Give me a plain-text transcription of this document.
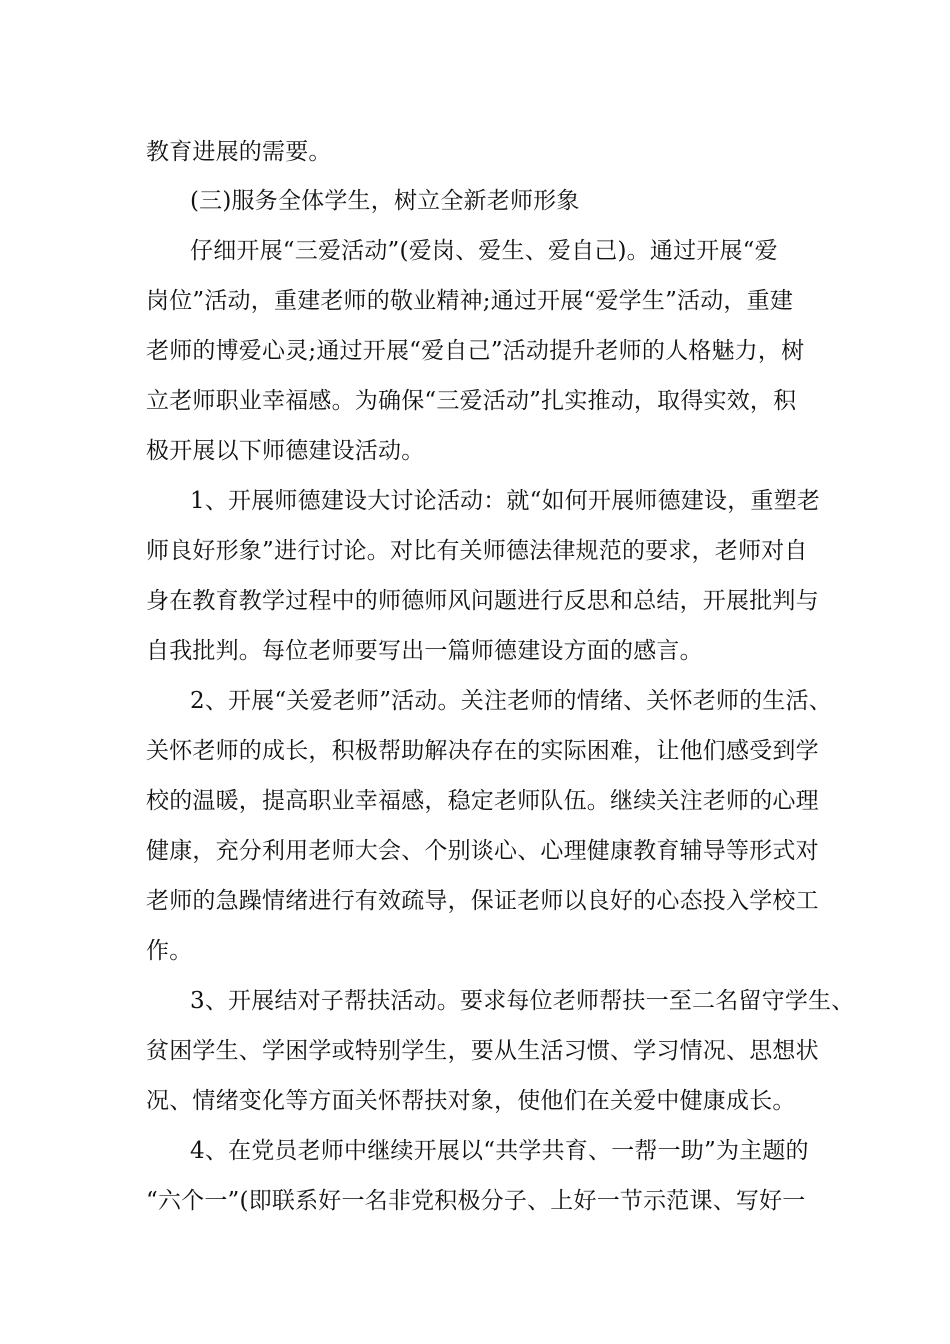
教育进展的需要。
(三)服务全体学生，树立全新老师形象
仔细开展“三爱活动”(爱岗、爱生、爱自己)。通过开展“爱
岗位”活动，重建老师的敬业精神;通过开展“爱学生”活动，重建
老师的博爱心灵;通过开展“爱自己”活动提升老师的人格魅力，树
立老师职业幸福感。为确保“三爱活动”扎实推动，取得实效，积
极开展以下师德建设活动。
1、开展师德建设大讨论活动：就“如何开展师德建设，重塑老
师良好形象”进行讨论。对比有关师德法律规范的要求，老师对自
身在教育教学过程中的师德师风问题进行反思和总结，开展批判与
自我批判。每位老师要写出一篇师德建设方面的感言。
2、开展“关爱老师”活动。关注老师的情绪、关怀老师的生活、
关怀老师的成长，积极帮助解决存在的实际困难，让他们感受到学
校的温暖，提高职业幸福感，稳定老师队伍。继续关注老师的心理
健康，充分利用老师大会、个别谈心、心理健康教育辅导等形式对
老师的急躁情绪进行有效疏导，保证老师以良好的心态投入学校工
作。
3、开展结对子帮扶活动。要求每位老师帮扶一至二名留守学生、
贫困学生、学困学或特别学生，要从生活习惯、学习情况、思想状
况、情绪变化等方面关怀帮扶对象，使他们在关爱中健康成长。
4、在党员老师中继续开展以“共学共育、一帮一助”为主题的
“六个一”(即联系好一名非党积极分子、上好一节示范课、写好一
